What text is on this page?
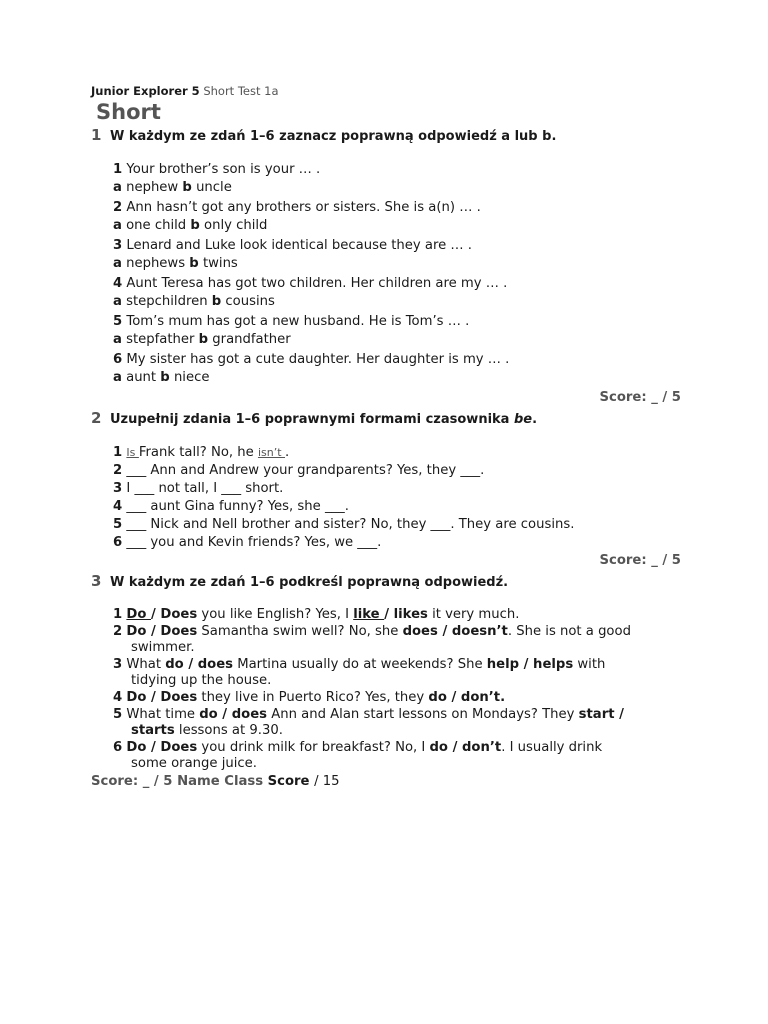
Junior Explorer 5 Short Test 1a
Short
1 W każdym ze zdań 1–6 zaznacz poprawną odpowiedź a lub b.
1 Your brother’s son is your … .
a nephew b uncle
2 Ann hasn’t got any brothers or sisters. She is a(n) … .
a one child b only child
3 Lenard and Luke look identical because they are … .
a nephews b twins
4 Aunt Teresa has got two children. Her children are my … .
a stepchildren b cousins
5 Tom’s mum has got a new husband. He is Tom’s … .
a stepfather b grandfather
6 My sister has got a cute daughter. Her daughter is my … .
a aunt b niece
Score: _ / 5
2 Uzupełnij zdania 1–6 poprawnymi formami czasownika be.
1 Is Frank tall? No, he isn’t .
2 ___ Ann and Andrew your grandparents? Yes, they ___.
3 I ___ not tall, I ___ short.
4 ___ aunt Gina funny? Yes, she ___.
5 ___ Nick and Nell brother and sister? No, they ___. They are cousins.
6 ___ you and Kevin friends? Yes, we ___.
Score: _ / 5
3 W każdym ze zdań 1–6 podkreśl poprawną odpowiedź.
1 Do / Does you like English? Yes, I like / likes it very much.
2 Do / Does Samantha swim well? No, she does / doesn’t. She is not a good
swimmer.
3 What do / does Martina usually do at weekends? She help / helps with
tidying up the house.
4 Do / Does they live in Puerto Rico? Yes, they do / don’t.
5 What time do / does Ann and Alan start lessons on Mondays? They start /
starts lessons at 9.30.
6 Do / Does you drink milk for breakfast? No, I do / don’t. I usually drink
some orange juice.
Score: _ / 5 Name Class Score / 15
